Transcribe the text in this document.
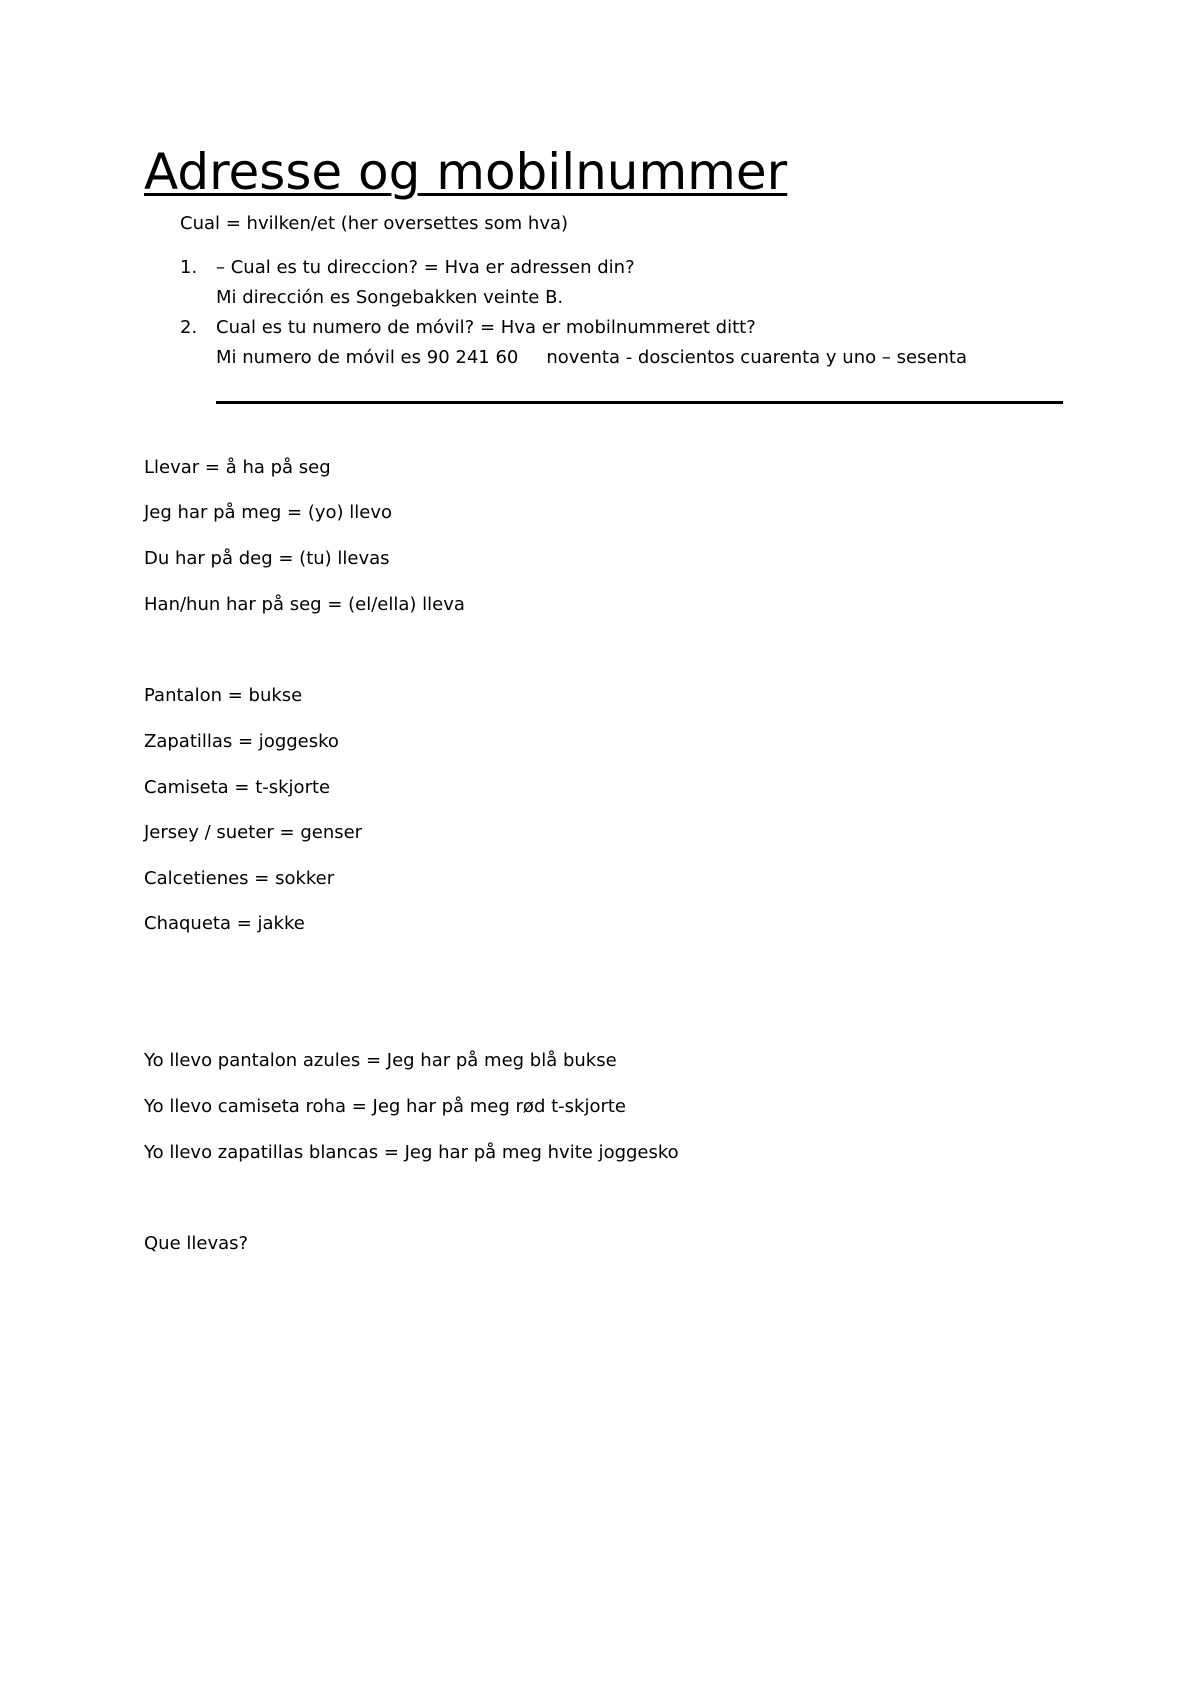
Adresse og mobilnummer
Cual = hvilken/et (her oversettes som hva)
1. – Cual es tu direccion? = Hva er adressen din?
Mi dirección es Songebakken veinte B.
2. Cual es tu numero de móvil? = Hva er mobilnummeret ditt?
Mi numero de móvil es 90 241 60 noventa - doscientos cuarenta y uno – sesenta
Llevar = å ha på seg
Jeg har på meg = (yo) llevo
Du har på deg = (tu) llevas
Han/hun har på seg = (el/ella) lleva
Pantalon = bukse
Zapatillas = joggesko
Camiseta = t-skjorte
Jersey / sueter = genser
Calcetienes = sokker
Chaqueta = jakke
Yo llevo pantalon azules = Jeg har på meg blå bukse
Yo llevo camiseta roha = Jeg har på meg rød t-skjorte
Yo llevo zapatillas blancas = Jeg har på meg hvite joggesko
Que llevas?
